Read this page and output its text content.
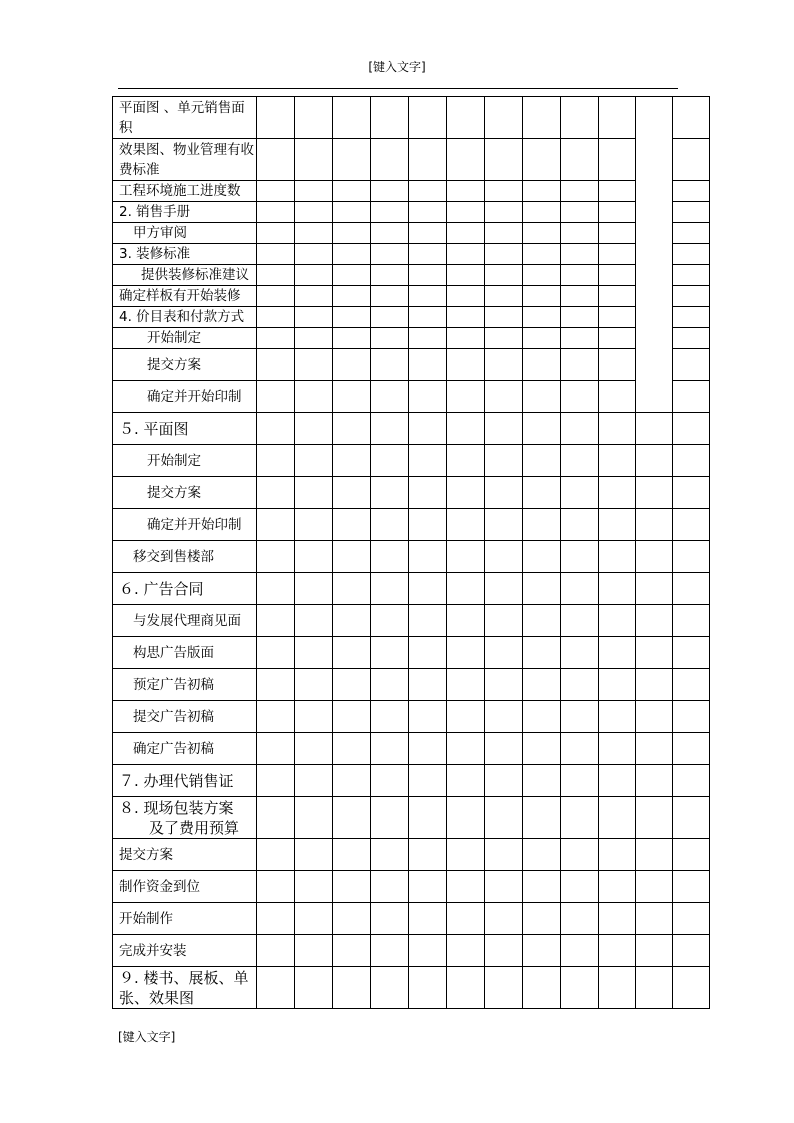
[键入文字]
平面图 、单元销售面积												

效果图、物业管理有收费标准												

工程环境施工进度数												

2. 销售手册												

甲方审阅												

3. 装修标准												

提供装修标准建议												

确定样板有开始装修												

4. 价目表和付款方式												

开始制定												

提交方案												

确定并开始印制												

５. 平面图												

开始制定												

提交方案												

确定并开始印制												

移交到售楼部												

６. 广告合同												

与发展代理商见面												

构思广告版面												

预定广告初稿												

提交广告初稿												

确定广告初稿												

７. 办理代销售证												

８. 现场包装方案
　　及了费用预算												

提交方案												

制作资金到位												

开始制作												

完成并安装												

９. 楼书、展板、单张、效果图												

[键入文字]
